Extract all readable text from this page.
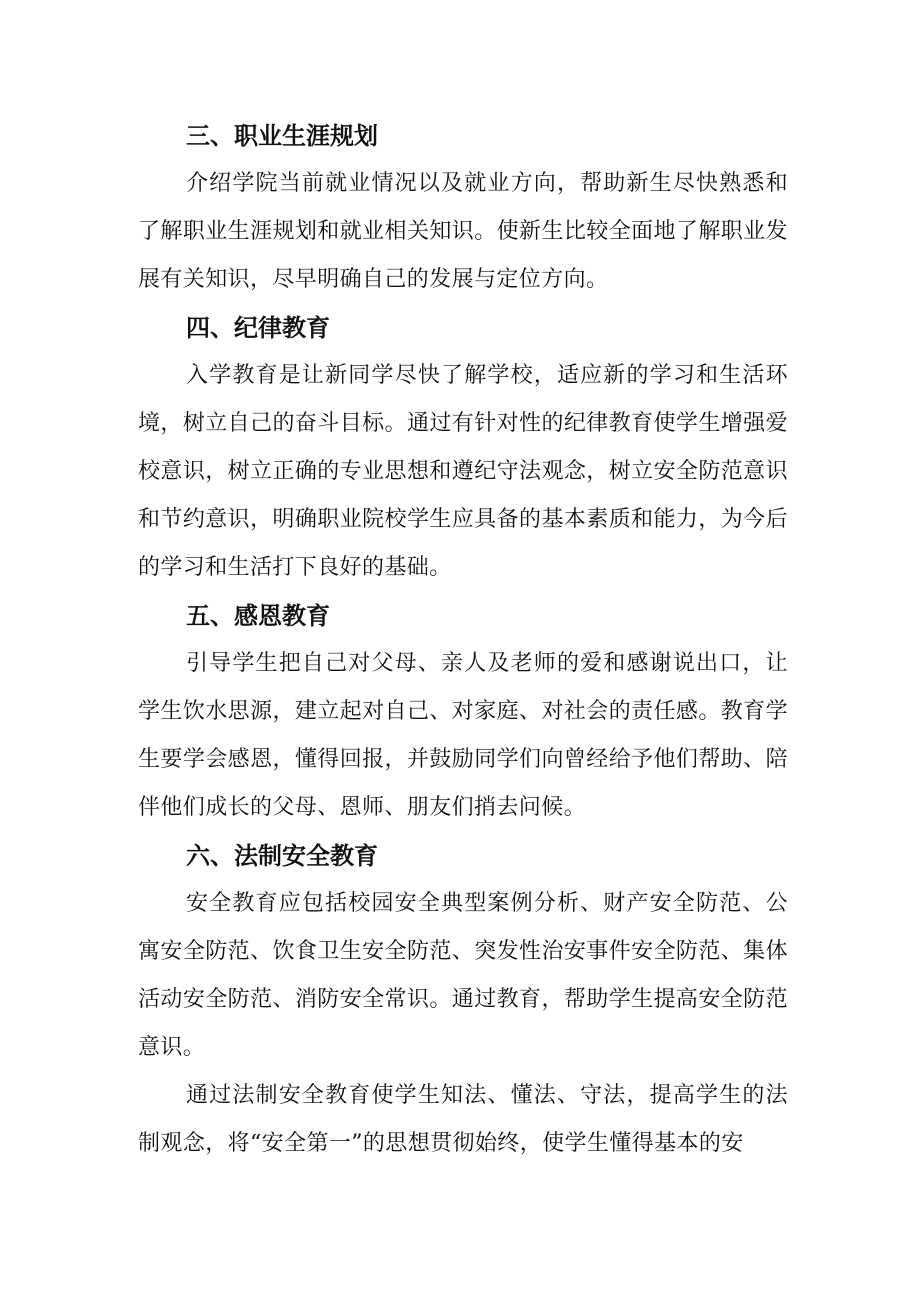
三、职业生涯规划

介绍学院当前就业情况以及就业方向，帮助新生尽快熟悉和了解职业生涯规划和就业相关知识。使新生比较全面地了解职业发展有关知识，尽早明确自己的发展与定位方向。

四、纪律教育

入学教育是让新同学尽快了解学校，适应新的学习和生活环境，树立自己的奋斗目标。通过有针对性的纪律教育使学生增强爱校意识，树立正确的专业思想和遵纪守法观念，树立安全防范意识和节约意识，明确职业院校学生应具备的基本素质和能力，为今后的学习和生活打下良好的基础。

五、感恩教育

引导学生把自己对父母、亲人及老师的爱和感谢说出口，让学生饮水思源，建立起对自己、对家庭、对社会的责任感。教育学生要学会感恩，懂得回报，并鼓励同学们向曾经给予他们帮助、陪伴他们成长的父母、恩师、朋友们捎去问候。

六、法制安全教育

安全教育应包括校园安全典型案例分析、财产安全防范、公寓安全防范、饮食卫生安全防范、突发性治安事件安全防范、集体活动安全防范、消防安全常识。通过教育，帮助学生提高安全防范意识。

通过法制安全教育使学生知法、懂法、守法，提高学生的法制观念，将“安全第一”的思想贯彻始终，使学生懂得基本的安
